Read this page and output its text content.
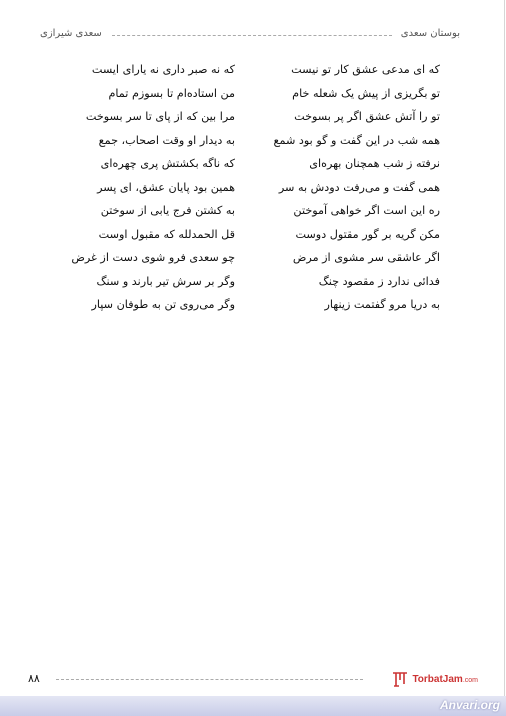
بوستان سعدی
سعدی شیرازی
که ای مدعی عشق کار تو نیست
که نه صبر داری نه یارای ایست
تو بگریزی از پیش یک شعله خام
من استاده‌ام تا بسوزم تمام
تو را آتش عشق اگر پر بسوخت
مرا بین که از پای تا سر بسوخت
همه شب در این گفت و گو بود شمع
به دیدار او وقت اصحاب، جمع
نرفته ز شب همچنان بهره‌ای
که ناگه بکشتش پری چهره‌ای
همی گفت و می‌رفت دودش به سر
همین بود پایان عشق، ای پسر
ره این است اگر خواهی آموختن
به کشتن فرج یابی از سوختن
مکن گریه بر گور مقتول دوست
قل الحمدلله که مقبول اوست
اگر عاشقی سر مشوی از مرض
چو سعدی فرو شوی دست از غرض
فدائی ندارد ز مقصود چنگ
وگر بر سرش تیر بارند و سنگ
به دریا مرو گفتمت زینهار
وگر می‌روی تن به طوفان سپار
۸۸	TorbatJam.com
Anvari.org
